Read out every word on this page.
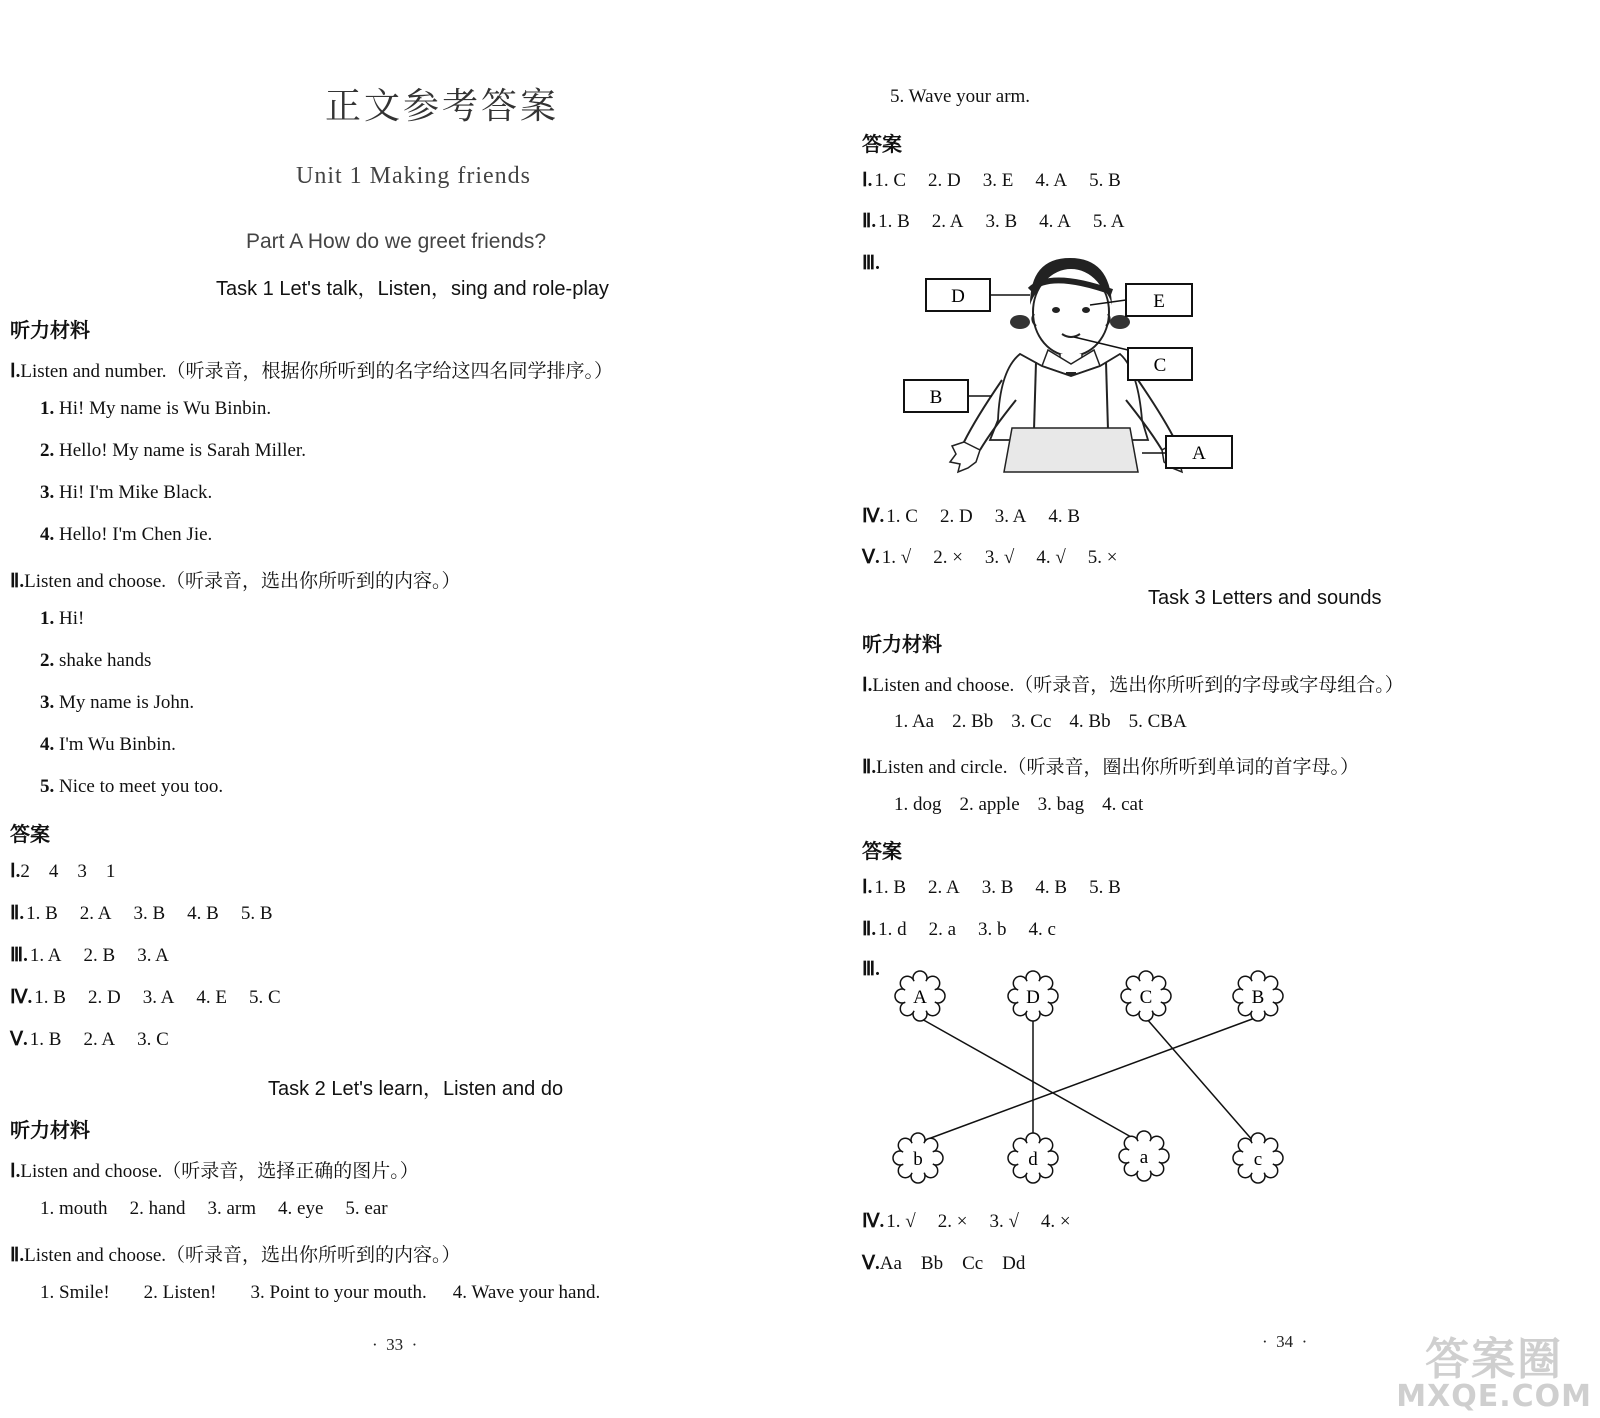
正文参考答案
Unit 1 Making friends
Part A How do we greet friends?
Task 1 Let's talk，Listen，sing and role-play
听力材料
Ⅰ.Listen and number.（听录音，根据你所听到的名字给这四名同学排序。）
1. Hi! My name is Wu Binbin.
2. Hello! My name is Sarah Miller.
3. Hi! I'm Mike Black.
4. Hello! I'm Chen Jie.
Ⅱ.Listen and choose.（听录音，选出你所听到的内容。）
1. Hi!
2. shake hands
3. My name is John.
4. I'm Wu Binbin.
5. Nice to meet you too.
答案
Ⅰ.2    4    3    1
Ⅱ. 1. B 2. A 3. B 4. B 5. B
Ⅲ. 1. A 2. B 3. A
Ⅳ. 1. B 2. D 3. A 4. E 5. C
Ⅴ. 1. B 2. A 3. C
Task 2 Let's learn，Listen and do
听力材料
Ⅰ.Listen and choose.（听录音，选择正确的图片。）
1. mouth 2. hand 3. arm 4. eye 5. ear
Ⅱ.Listen and choose.（听录音，选出你所听到的内容。）
1. Smile! 2. Listen! 3. Point to your mouth. 4. Wave your hand.
·  33  ·
5. Wave your arm.
答案
Ⅰ. 1. C 2. D 3. E 4. A 5. B
Ⅱ. 1. B 2. A 3. B 4. A 5. A
Ⅲ.
D	E
C
B
A
Ⅳ. 1. C 2. D 3. A 4. B
Ⅴ. 1. √ 2. × 3. √ 4. √ 5. ×
Task 3 Letters and sounds
听力材料
Ⅰ.Listen and choose.（听录音，选出你所听到的字母或字母组合。）
1. Aa 2. Bb 3. Cc 4. Bb 5. CBA
Ⅱ.Listen and circle.（听录音，圈出你所听到单词的首字母。）
1. dog 2. apple 3. bag 4. cat
答案
Ⅰ. 1. B 2. A 3. B 4. B 5. B
Ⅱ. 1. d 2. a 3. b 4. c
Ⅲ.
A	D	C	B
b	d	a	c
Ⅳ. 1. √ 2. × 3. √ 4. ×
Ⅴ.Aa    Bb    Cc    Dd
·  34  ·	答案圈
MXQE.COM
